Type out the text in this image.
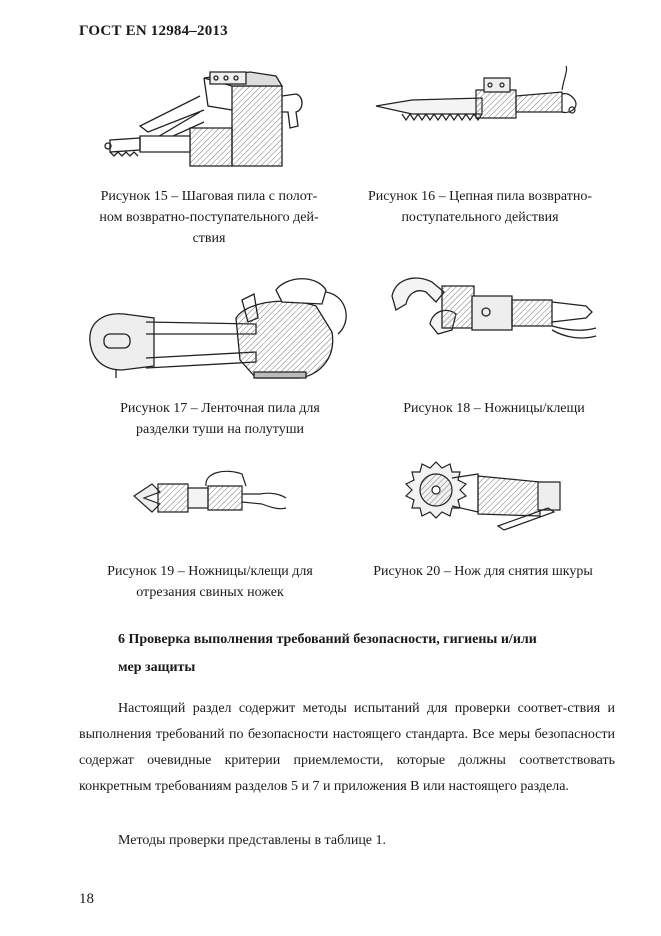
ГОСТ EN 12984–2013
Рисунок 15 – Шаговая пила с полот-
ном возвратно-поступательного дей-
ствия
Рисунок 16 – Цепная пила возвратно-
поступательного действия
Рисунок 17 – Ленточная пила для
разделки туши на полутуши
Рисунок 18 – Ножницы/клещи
Рисунок 19 – Ножницы/клещи для
отрезания свиных ножек
Рисунок 20 – Нож для снятия шкуры
6 Проверка выполнения требований безопасности, гигиены и/или
мер защиты
Настоящий раздел содержит методы испытаний для проверки соответ-ствия и выполнения требований по безопасности настоящего стандарта. Все меры безопасности содержат очевидные критерии приемлемости, которые должны соответствовать конкретным требованиям разделов 5 и 7 и приложения В или настоящего раздела.
Методы проверки представлены в таблице 1.
18
